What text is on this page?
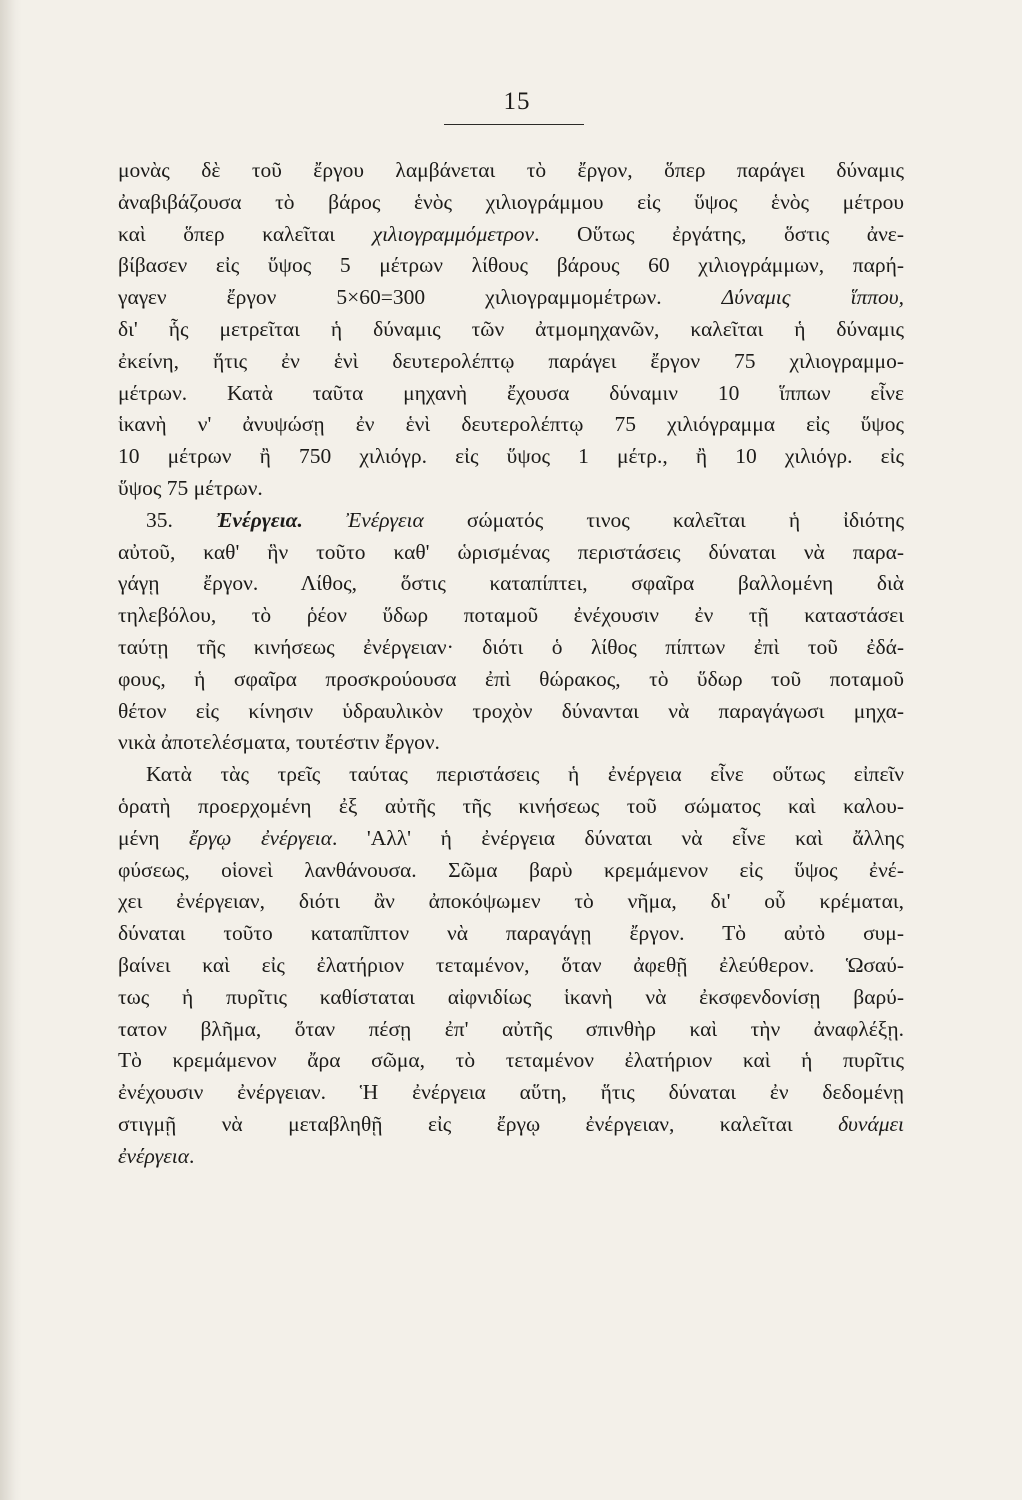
15

μονὰς δὲ τοῦ ἔργου λαμβάνεται τὸ ἔργον, ὅπερ παράγει δύναμις
ἀναβιβάζουσα τὸ βάρος ἑνὸς χιλιογράμμου εἰς ὕψος ἑνὸς μέτρου
καὶ ὅπερ καλεῖται χιλιογραμμόμετρον. Οὕτως ἐργάτης, ὅστις ἀνε-
βίβασεν εἰς ὕψος 5 μέτρων λίθους βάρους 60 χιλιογράμμων, παρή-
γαγεν ἔργον 5×60=300 χιλιογραμμομέτρων. Δύναμις ἵππου,
δι' ἧς μετρεῖται ἡ δύναμις τῶν ἀτμομηχανῶν, καλεῖται ἡ δύναμις
ἐκείνη, ἥτις ἐν ἑνὶ δευτερολέπτῳ παράγει ἔργον 75 χιλιογραμμο-
μέτρων. Κατὰ ταῦτα μηχανὴ ἔχουσα δύναμιν 10 ἵππων εἶνε
ἱκανὴ ν' ἀνυψώσῃ ἐν ἑνὶ δευτερολέπτῳ 75 χιλιόγραμμα εἰς ὕψος
10 μέτρων ἢ 750 χιλιόγρ. εἰς ὕψος 1 μέτρ., ἢ 10 χιλιόγρ. εἰς
ὕψος 75 μέτρων.

35. Ἐνέργεια. Ἐνέργεια σώματός τινος καλεῖται ἡ ἰδιότης
αὐτοῦ, καθ' ἣν τοῦτο καθ' ὡρισμένας περιστάσεις δύναται νὰ παρα-
γάγῃ ἔργον. Λίθος, ὅστις καταπίπτει, σφαῖρα βαλλομένη διὰ
τηλεβόλου, τὸ ῥέον ὕδωρ ποταμοῦ ἐνέχουσιν ἐν τῇ καταστάσει
ταύτῃ τῆς κινήσεως ἐνέργειαν· διότι ὁ λίθος πίπτων ἐπὶ τοῦ ἐδά-
φους, ἡ σφαῖρα προσκρούουσα ἐπὶ θώρακος, τὸ ὕδωρ τοῦ ποταμοῦ
θέτον εἰς κίνησιν ὑδραυλικὸν τροχὸν δύνανται νὰ παραγάγωσι μηχα-
νικὰ ἀποτελέσματα, τουτέστιν ἔργον.

Κατὰ τὰς τρεῖς ταύτας περιστάσεις ἡ ἐνέργεια εἶνε οὕτως εἰπεῖν
ὁρατὴ προερχομένη ἐξ αὐτῆς τῆς κινήσεως τοῦ σώματος καὶ καλου-
μένη ἔργῳ ἐνέργεια. 'Αλλ' ἡ ἐνέργεια δύναται νὰ εἶνε καὶ ἄλλης
φύσεως, οἱονεὶ λανθάνουσα. Σῶμα βαρὺ κρεμάμενον εἰς ὕψος ἐνέ-
χει ἐνέργειαν, διότι ἂν ἀποκόψωμεν τὸ νῆμα, δι' οὗ κρέμαται,
δύναται τοῦτο καταπῖπτον νὰ παραγάγῃ ἔργον. Τὸ αὐτὸ συμ-
βαίνει καὶ εἰς ἐλατήριον τεταμένον, ὅταν ἀφεθῇ ἐλεύθερον. Ὡσαύ-
τως ἡ πυρῖτις καθίσταται αἰφνιδίως ἱκανὴ νὰ ἐκσφενδονίσῃ βαρύ-
τατον βλῆμα, ὅταν πέσῃ ἐπ' αὐτῆς σπινθὴρ καὶ τὴν ἀναφλέξῃ.
Τὸ κρεμάμενον ἄρα σῶμα, τὸ τεταμένον ἐλατήριον καὶ ἡ πυρῖτις
ἐνέχουσιν ἐνέργειαν. Ἡ ἐνέργεια αὕτη, ἥτις δύναται ἐν δεδομένῃ
στιγμῇ νὰ μεταβληθῇ εἰς ἔργῳ ἐνέργειαν, καλεῖται δυνάμει
ἐνέργεια.
